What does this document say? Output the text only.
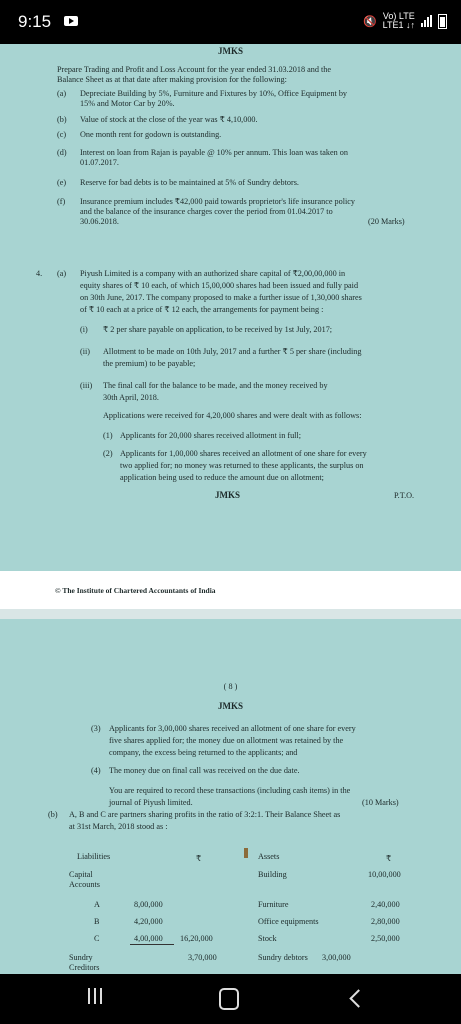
9:15	🔇 Vo) LTE
LTE1 ↓↑
JMKS
Prepare Trading and Profit and Loss Account for the year ended 31.03.2018 and the
Balance Sheet as at that date after making provision for the following:
(a) Depreciate Building by 5%, Furniture and Fixtures by 10%, Office Equipment by
15% and Motor Car by 20%.
(b) Value of stock at the close of the year was ₹ 4,10,000.
(c) One month rent for godown is outstanding.
(d) Interest on loan from Rajan is payable @ 10% per annum. This loan was taken on
01.07.2017.
(e) Reserve for bad debts is to be maintained at 5% of Sundry debtors.
(f) Insurance premium includes ₹42,000 paid towards proprietor's life insurance policy
and the balance of the insurance charges cover the period from 01.04.2017 to
30.06.2018.	(20 Marks)
4. (a) Piyush Limited is a company with an authorized share capital of ₹2,00,00,000 in
equity shares of ₹ 10 each, of which 15,00,000 shares had been issued and fully paid
on 30th June, 2017. The company proposed to make a further issue of 1,30,000 shares
of ₹ 10 each at a price of ₹ 12 each, the arrangements for payment being :
(i) ₹ 2 per share payable on application, to be received by 1st July, 2017;
(ii) Allotment to be made on 10th July, 2017 and a further ₹ 5 per share (including
the premium) to be payable;
(iii) The final call for the balance to be made, and the money received by
30th April, 2018.
Applications were received for 4,20,000 shares and were dealt with as follows:
(1) Applicants for 20,000 shares received allotment in full;
(2) Applicants for 1,00,000 shares received an allotment of one share for every
two applied for; no money was returned to these applicants, the surplus on
application being used to reduce the amount due on allotment;
JMKS	P.T.O.
© The Institute of Chartered Accountants of India
( 8 )
JMKS
(3) Applicants for 3,00,000 shares received an allotment of one share for every
five shares applied for; the money due on allotment was retained by the
company, the excess being returned to the applicants; and
(4) The money due on final call was received on the due date.
You are required to record these transactions (including cash items) in the
journal of Piyush limited.	(10 Marks)
(b) A, B and C are partners sharing profits in the ratio of 3:2:1. Their Balance Sheet as
at 31st March, 2018 stood as :
Liabilities	₹	Assets	₹
Capital
Accounts
Building	10,00,000
A	8,00,000	Furniture	2,40,000
B	4,20,000	Office equipments	2,80,000
C	4,00,000 16,20,000	Stock	2,50,000
Sundry
Creditors
3,70,000	Sundry debtors 3,00,000
